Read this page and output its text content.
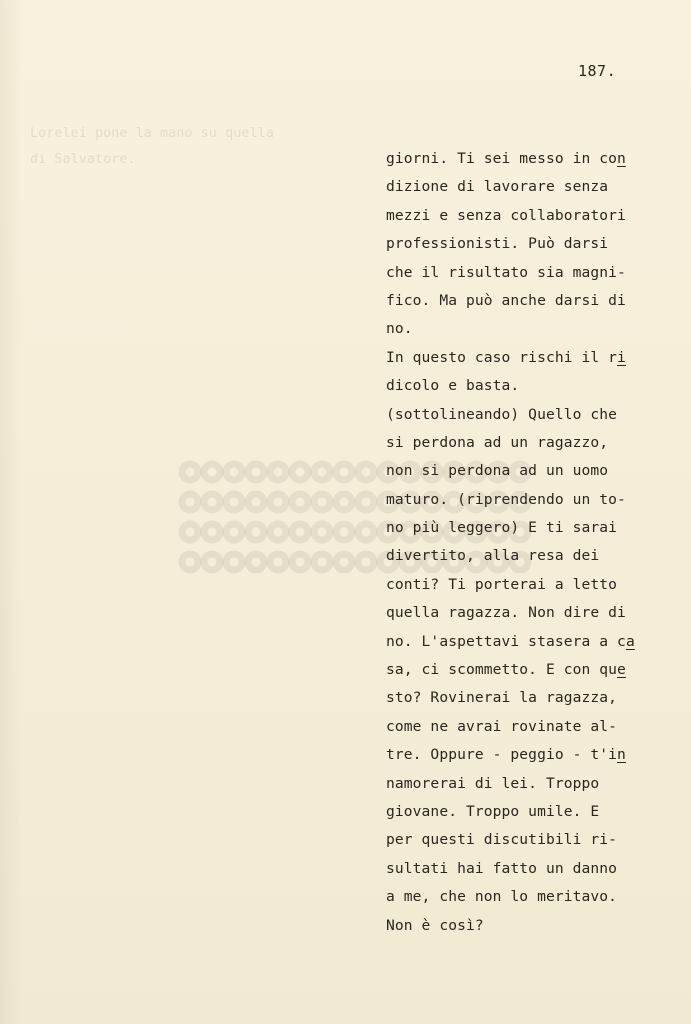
Lorelei pone la mano su quella
di Salvatore.
187.
giorni. Ti sei messo in con
dizione di lavorare senza
mezzi e senza collaboratori
professionisti. Può darsi
che il risultato sia magni-
fico. Ma può anche darsi di
no.
In questo caso rischi il ri
dicolo e basta.
(sottolineando) Quello che
si perdona ad un ragazzo,
non si perdona ad un uomo
maturo. (riprendendo un to-
no più leggero) E ti sarai
divertito, alla resa dei
conti? Ti porterai a letto
quella ragazza. Non dire di
no. L'aspettavi stasera a ca
sa, ci scommetto. E con que
sto? Rovinerai la ragazza,
come ne avrai rovinate al-
tre. Oppure - peggio - t'in
namorerai di lei. Troppo
giovane. Troppo umile. E
per questi discutibili ri-
sultati hai fatto un danno
a me, che non lo meritavo.
Non è così?
